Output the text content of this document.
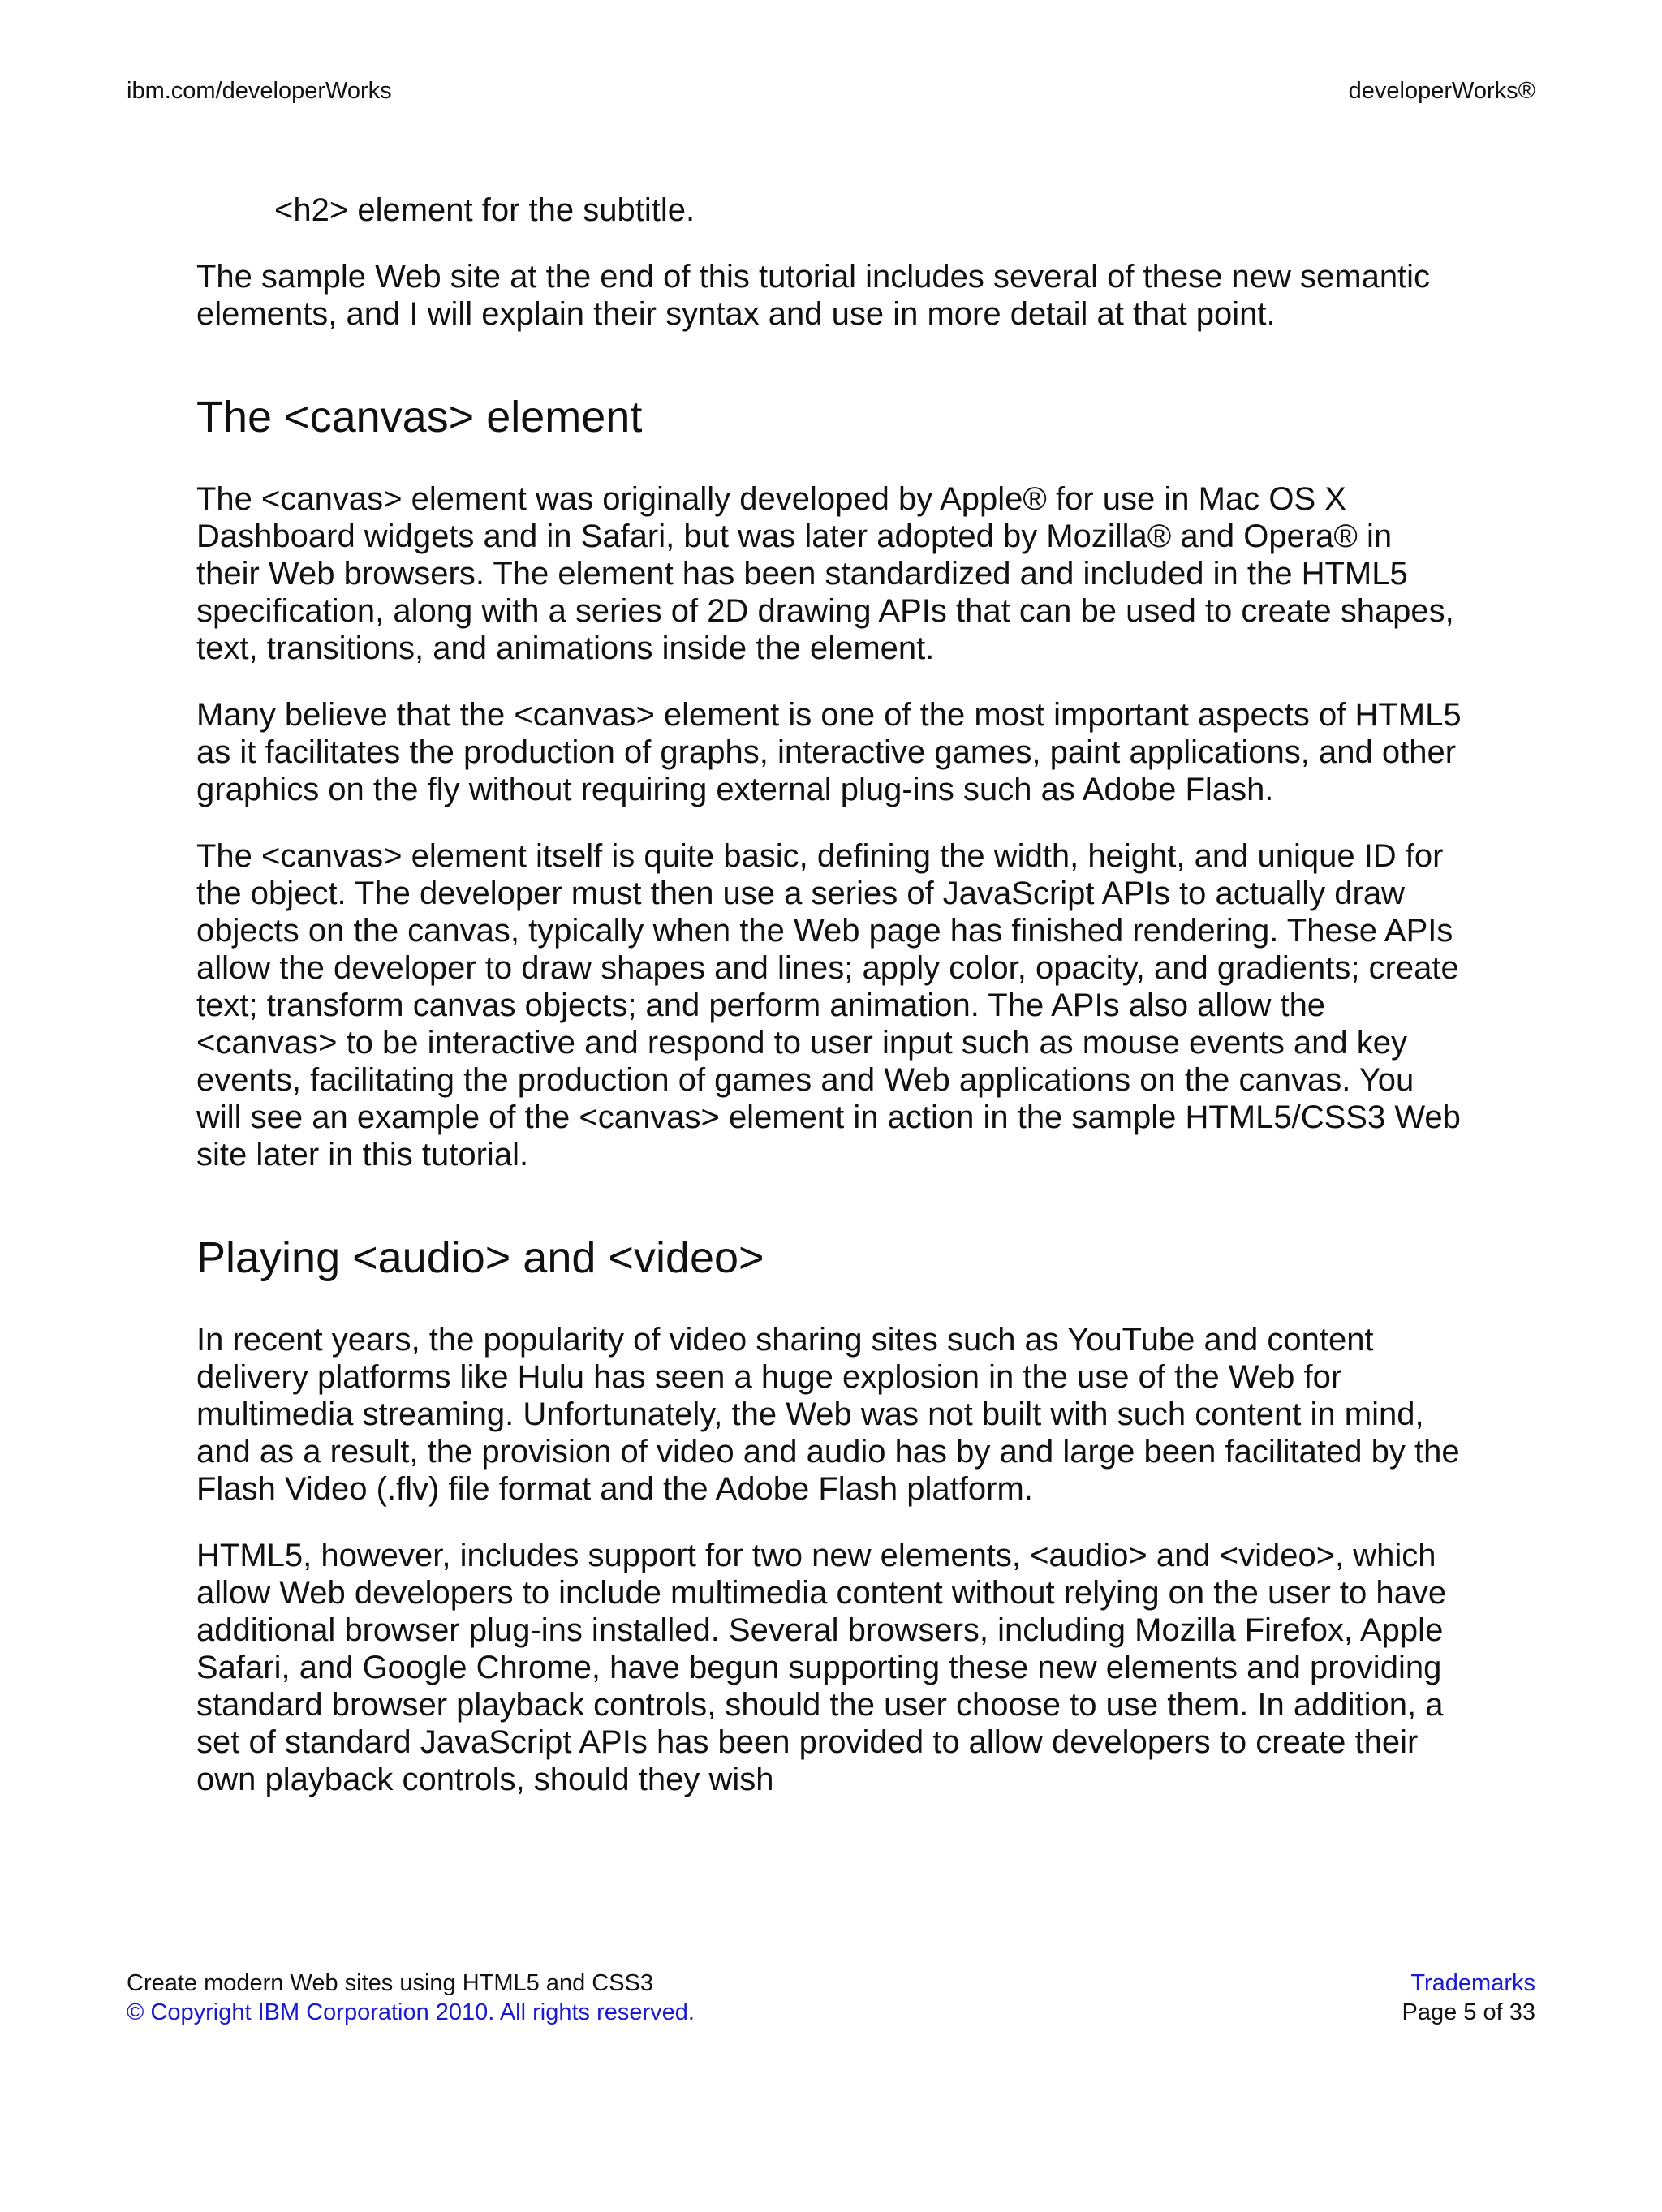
ibm.com/developerWorks	developerWorks®

<h2> element for the subtitle.

The sample Web site at the end of this tutorial includes several of these new semantic elements, and I will explain their syntax and use in more detail at that point.

The <canvas> element

The <canvas> element was originally developed by Apple® for use in Mac OS X Dashboard widgets and in Safari, but was later adopted by Mozilla® and Opera® in their Web browsers. The element has been standardized and included in the HTML5 specification, along with a series of 2D drawing APIs that can be used to create shapes, text, transitions, and animations inside the element.

Many believe that the <canvas> element is one of the most important aspects of HTML5 as it facilitates the production of graphs, interactive games, paint applications, and other graphics on the fly without requiring external plug-ins such as Adobe Flash.

The <canvas> element itself is quite basic, defining the width, height, and unique ID for the object. The developer must then use a series of JavaScript APIs to actually draw objects on the canvas, typically when the Web page has finished rendering. These APIs allow the developer to draw shapes and lines; apply color, opacity, and gradients; create text; transform canvas objects; and perform animation. The APIs also allow the <canvas> to be interactive and respond to user input such as mouse events and key events, facilitating the production of games and Web applications on the canvas. You will see an example of the <canvas> element in action in the sample HTML5/CSS3 Web site later in this tutorial.

Playing <audio> and <video>

In recent years, the popularity of video sharing sites such as YouTube and content delivery platforms like Hulu has seen a huge explosion in the use of the Web for multimedia streaming. Unfortunately, the Web was not built with such content in mind, and as a result, the provision of video and audio has by and large been facilitated by the Flash Video (.flv) file format and the Adobe Flash platform.

HTML5, however, includes support for two new elements, <audio> and <video>, which allow Web developers to include multimedia content without relying on the user to have additional browser plug-ins installed. Several browsers, including Mozilla Firefox, Apple Safari, and Google Chrome, have begun supporting these new elements and providing standard browser playback controls, should the user choose to use them. In addition, a set of standard JavaScript APIs has been provided to allow developers to create their own playback controls, should they wish

Create modern Web sites using HTML5 and CSS3	Trademarks
© Copyright IBM Corporation 2010. All rights reserved.	Page 5 of 33
